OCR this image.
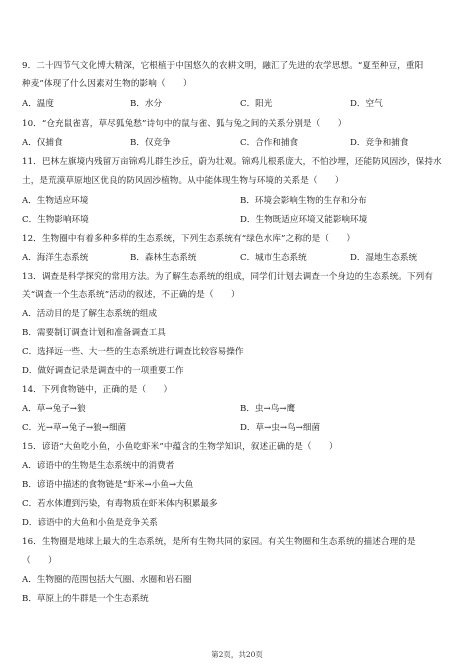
9．二十四节气文化博大精深，它根植于中国悠久的农耕文明，融汇了先进的农学思想。“夏至种豆，重阳
种麦”体现了什么因素对生物的影响（　　）
A．温度	B．水分	C．阳光	D．空气
10．“仓充鼠雀喜，草尽狐兔愁”诗句中的鼠与雀、狐与兔之间的关系分别是（　　）
A．仅捕食	B．仅竞争	C．合作和捕食	D．竞争和捕食
11．巴林左旗境内残留万亩锦鸡儿群生沙丘，蔚为壮观。锦鸡儿根系庞大，不怕沙埋，还能防风固沙，保持水
土，是荒漠草原地区优良的防风固沙植物。从中能体现生物与环境的关系是（　　）
A．生物适应环境	B．环境会影响生物的生存和分布
C．生物影响环境	D．生物既适应环境又能影响环境
12．生物圈中有着多种多样的生态系统，下列生态系统有“绿色水库”之称的是（　　）
A．海洋生态系统	B．森林生态系统	C．城市生态系统	D．湿地生态系统
13．调查是科学探究的常用方法。为了解生态系统的组成，同学们计划去调查一个身边的生态系统。下列有
关“调查一个生态系统”活动的叙述，不正确的是（　　）
A．活动目的是了解生态系统的组成
B．需要制订调查计划和准备调查工具
C．选择远一些、大一些的生态系统进行调查比较容易操作
D．做好调查记录是调查中的一项重要工作
14．下列食物链中，正确的是（　　）
A．草→兔子→狼	B．虫→鸟→鹰
C．光→草→兔子→狼→细菌	D．草→虫→鸟→细菌
15．谚语“大鱼吃小鱼，小鱼吃虾米”中蕴含的生物学知识，叙述正确的是（　　）
A．谚语中的生物是生态系统中的消费者
B．谚语中描述的食物链是“虾米→小鱼→大鱼
C．若水体遭到污染，有毒物质在虾米体内积累最多
D．谚语中的大鱼和小鱼是竞争关系
16．生物圈是地球上最大的生态系统，是所有生物共同的家园。有关生物圈和生态系统的描述合理的是
（　　）
A．生物圈的范围包括大气圈、水圈和岩石圈
B．草原上的牛群是一个生态系统
第2页，共20页
